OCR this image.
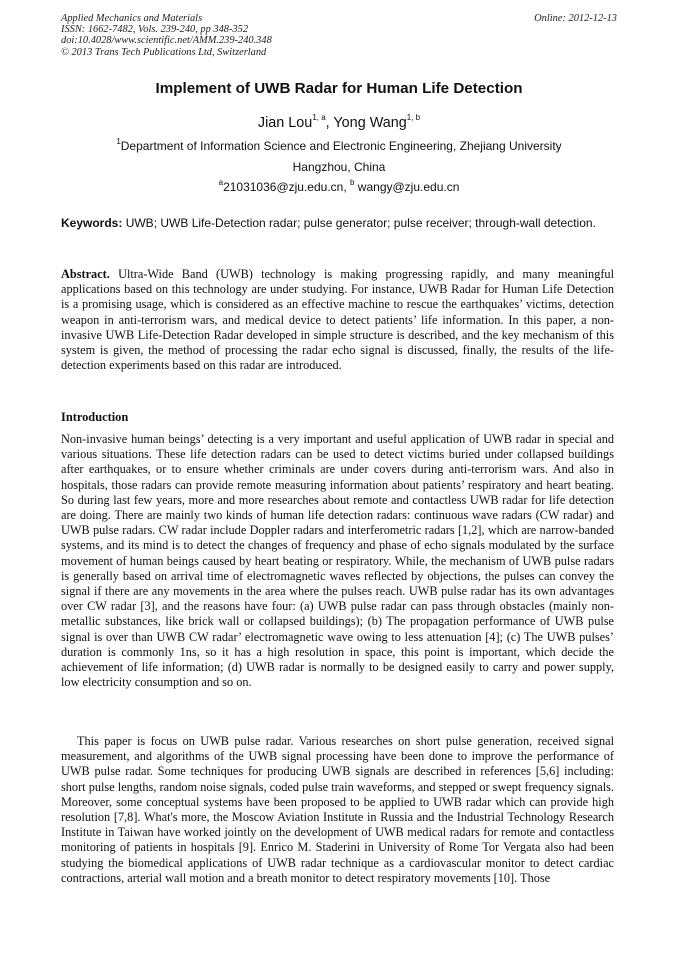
Applied Mechanics and Materials
ISSN: 1662-7482, Vols. 239-240, pp 348-352
doi:10.4028/www.scientific.net/AMM.239-240.348
© 2013 Trans Tech Publications Ltd, Switzerland
Online: 2012-12-13
Implement of UWB Radar for Human Life Detection
Jian Lou$^{1, a}$, Yong Wang$^{1, b}$
$^1$Department of Information Science and Electronic Engineering, Zhejiang University
Hangzhou, China
$^a$21031036@zju.edu.cn, $^b$ wangy@zju.edu.cn
Keywords: UWB; UWB Life-Detection radar; pulse generator; pulse receiver; through-wall detection.
Abstract. Ultra-Wide Band (UWB) technology is making progressing rapidly, and many meaningful applications based on this technology are under studying. For instance, UWB Radar for Human Life Detection is a promising usage, which is considered as an effective machine to rescue the earthquakes’ victims, detection weapon in anti-terrorism wars, and medical device to detect patients’ life information. In this paper, a non-invasive UWB Life-Detection Radar developed in simple structure is described, and the key mechanism of this system is given, the method of processing the radar echo signal is discussed, finally, the results of the life-detection experiments based on this radar are introduced.
Introduction
Non-invasive human beings’ detecting is a very important and useful application of UWB radar in special and various situations. These life detection radars can be used to detect victims buried under collapsed buildings after earthquakes, or to ensure whether criminals are under covers during anti-terrorism wars. And also in hospitals, those radars can provide remote measuring information about patients’ respiratory and heart beating. So during last few years, more and more researches about remote and contactless UWB radar for life detection are doing. There are mainly two kinds of human life detection radars: continuous wave radars (CW radar) and UWB pulse radars. CW radar include Doppler radars and interferometric radars [1,2], which are narrow-banded systems, and its mind is to detect the changes of frequency and phase of echo signals modulated by the surface movement of human beings caused by heart beating or respiratory. While, the mechanism of UWB pulse radars is generally based on arrival time of electromagnetic waves reflected by objections, the pulses can convey the signal if there are any movements in the area where the pulses reach. UWB pulse radar has its own advantages over CW radar [3], and the reasons have four: (a) UWB pulse radar can pass through obstacles (mainly non-metallic substances, like brick wall or collapsed buildings); (b) The propagation performance of UWB pulse signal is over than UWB CW radar’ electromagnetic wave owing to less attenuation [4]; (c) The UWB pulses’ duration is commonly 1ns, so it has a high resolution in space, this point is important, which decide the achievement of life information; (d) UWB radar is normally to be designed easily to carry and power supply, low electricity consumption and so on.
This paper is focus on UWB pulse radar. Various researches on short pulse generation, received signal measurement, and algorithms of the UWB signal processing have been done to improve the performance of UWB pulse radar. Some techniques for producing UWB signals are described in references [5,6] including: short pulse lengths, random noise signals, coded pulse train waveforms, and stepped or swept frequency signals. Moreover, some conceptual systems have been proposed to be applied to UWB radar which can provide high resolution [7,8]. What's more, the Moscow Aviation Institute in Russia and the Industrial Technology Research Institute in Taiwan have worked jointly on the development of UWB medical radars for remote and contactless monitoring of patients in hospitals [9]. Enrico M. Staderini in University of Rome Tor Vergata also had been studying the biomedical applications of UWB radar technique as a cardiovascular monitor to detect cardiac contractions, arterial wall motion and a breath monitor to detect respiratory movements [10]. Those
